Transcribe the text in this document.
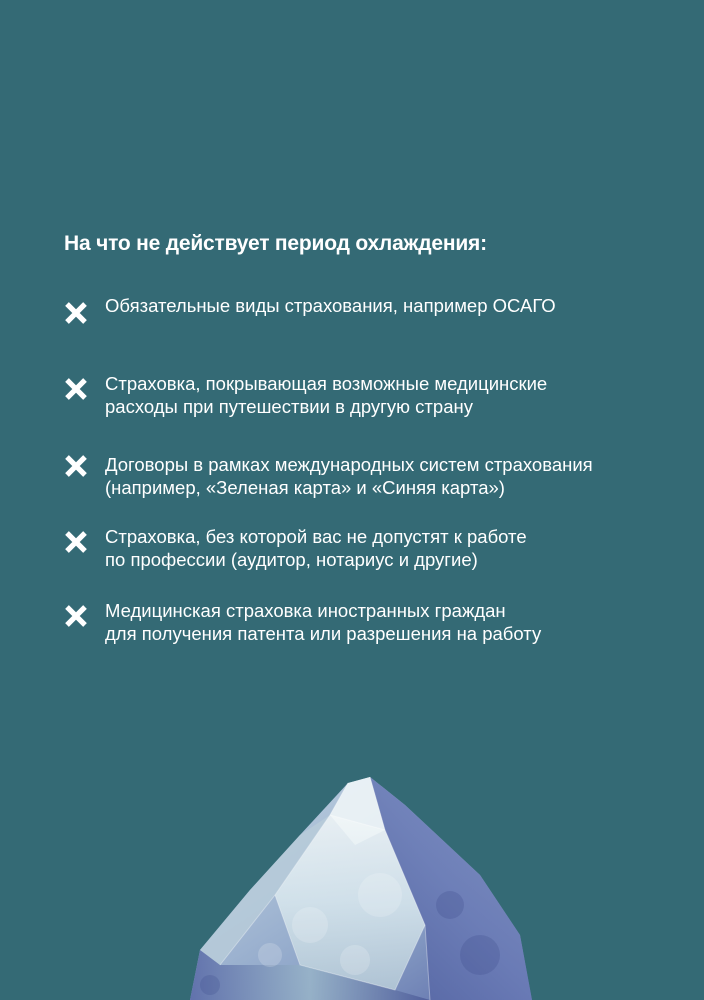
На что не действует период охлаждения:
Обязательные виды страхования, например ОСАГО
Страховка, покрывающая возможные медицинские
расходы при путешествии в другую страну
Договоры в рамках международных систем страхования
(например, «Зеленая карта» и «Синяя карта»)
Страховка, без которой вас не допустят к работе
по профессии (аудитор, нотариус и другие)
Медицинская страховка иностранных граждан
для получения патента или разрешения на работу
